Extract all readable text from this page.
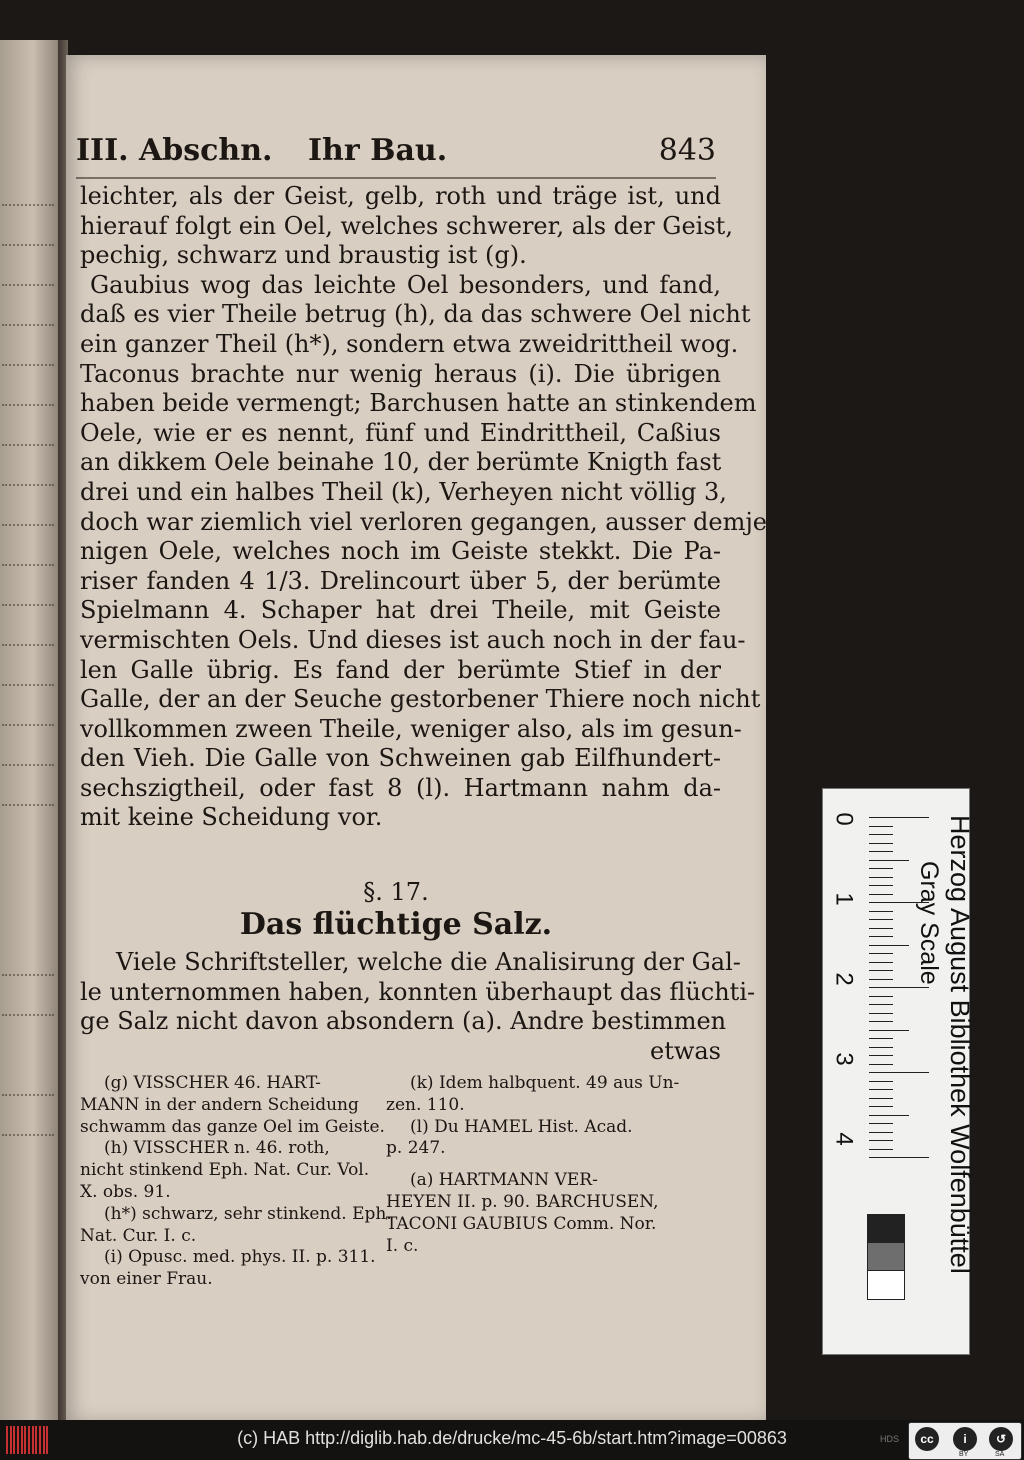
III. Abschn. Ihr Bau.	843
leichter, als der Geist, gelb, roth und träge ist, und
hierauf folgt ein Oel, welches schwerer, als der Geist,
pechig, schwarz und braustig ist (g).
Gaubius wog das leichte Oel besonders, und fand,
daß es vier Theile betrug (h), da das schwere Oel nicht
ein ganzer Theil (h*), sondern etwa zweidrittheil wog.
Taconus brachte nur wenig heraus (i). Die übrigen
haben beide vermengt; Barchusen hatte an stinkendem
Oele, wie er es nennt, fünf und Eindrittheil, Caßius
an dikkem Oele beinahe 10, der berümte Knigth fast
drei und ein halbes Theil (k), Verheyen nicht völlig 3,
doch war ziemlich viel verloren gegangen, ausser demje-
nigen Oele, welches noch im Geiste stekkt. Die Pa-
riser fanden 4 1/3. Drelincourt über 5, der berümte
Spielmann 4. Schaper hat drei Theile, mit Geiste
vermischten Oels. Und dieses ist auch noch in der fau-
len Galle übrig. Es fand der berümte Stief in der
Galle, der an der Seuche gestorbener Thiere noch nicht
vollkommen zween Theile, weniger also, als im gesun-
den Vieh. Die Galle von Schweinen gab Eilfhundert-
sechszigtheil, oder fast 8 (l). Hartmann nahm da-
mit keine Scheidung vor.
§. 17.
Das flüchtige Salz.
Viele Schriftsteller, welche die Analisirung der Gal-
le unternommen haben, konnten überhaupt das flüchti-
ge Salz nicht davon absondern (a). Andre bestimmen
etwas
(g) VISSCHER 46. HART-
MANN in der andern Scheidung
schwamm das ganze Oel im Geiste.
(h) VISSCHER n. 46. roth,
nicht stinkend Eph. Nat. Cur. Vol.
X. obs. 91.
(h*) schwarz, sehr stinkend. Eph.
Nat. Cur. I. c.
(i) Opusc. med. phys. II. p. 311.
von einer Frau.
(k) Idem halbquent. 49 aus Un-
zen. 110.
(l) Du HAMEL Hist. Acad.
p. 247.
(a) HARTMANN VER-
HEYEN II. p. 90. BARCHUSEN,
TACONI GAUBIUS Comm. Nor.
I. c.
0
1
2
3
4	Herzog August Bibliothek Wolfenbüttel
Gray Scale
(c) HAB http://diglib.hab.de/drucke/mc-45-6b/start.htm?image=00863	HDS	cc	i	↺
BY	SA
